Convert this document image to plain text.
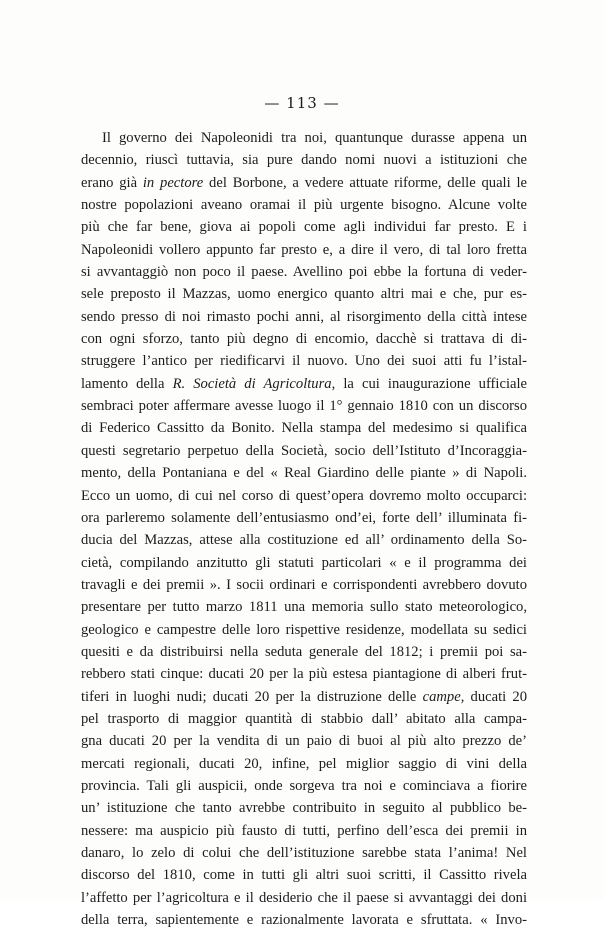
— 113 —
Il governo dei Napoleonidi tra noi, quantunque durasse appena un
decennio, riuscì tuttavia, sia pure dando nomi nuovi a istituzioni che
erano già in pectore del Borbone, a vedere attuate riforme, delle quali le
nostre popolazioni aveano oramai il più urgente bisogno. Alcune volte
più che far bene, giova ai popoli come agli individui far presto. E i
Napoleonidi vollero appunto far presto e, a dire il vero, di tal loro fretta
si avvantaggiò non poco il paese. Avellino poi ebbe la fortuna di veder-
sele preposto il Mazzas, uomo energico quanto altri mai e che, pur es-
sendo presso di noi rimasto pochi anni, al risorgimento della città intese
con ogni sforzo, tanto più degno di encomio, dacchè si trattava di di-
struggere l’antico per riedificarvi il nuovo. Uno dei suoi atti fu l’istal-
lamento della R. Società di Agricoltura, la cui inaugurazione ufficiale
sembraci poter affermare avesse luogo il 1° gennaio 1810 con un discorso
di Federico Cassitto da Bonito. Nella stampa del medesimo si qualifica
questi segretario perpetuo della Società, socio dell’Istituto d’Incoraggia-
mento, della Pontaniana e del « Real Giardino delle piante » di Napoli.
Ecco un uomo, di cui nel corso di quest’opera dovremo molto occuparci:
ora parleremo solamente dell’entusiasmo ond’ei, forte dell’ illuminata fi-
ducia del Mazzas, attese alla costituzione ed all’ ordinamento della So-
cietà, compilando anzitutto gli statuti particolari « e il programma dei
travagli e dei premii ». I socii ordinari e corrispondenti avrebbero dovuto
presentare per tutto marzo 1811 una memoria sullo stato meteorologico,
geologico e campestre delle loro rispettive residenze, modellata su sedici
quesiti e da distribuirsi nella seduta generale del 1812; i premii poi sa-
rebbero stati cinque: ducati 20 per la più estesa piantagione di alberi frut-
tiferi in luoghi nudi; ducati 20 per la distruzione delle campe, ducati 20
pel trasporto di maggior quantità di stabbio dall’ abitato alla campa-
gna ducati 20 per la vendita di un paio di buoi al più alto prezzo de’
mercati regionali, ducati 20, infine, pel miglior saggio di vini della
provincia. Tali gli auspicii, onde sorgeva tra noi e cominciava a fiorire
un’ istituzione che tanto avrebbe contribuito in seguito al pubblico be-
nessere: ma auspicio più fausto di tutti, perfino dell’esca dei premii in
danaro, lo zelo di colui che dell’istituzione sarebbe stata l’anima! Nel
discorso del 1810, come in tutti gli altri suoi scritti, il Cassitto rivela
l’affetto per l’agricoltura e il desiderio che il paese si avvantaggi dei doni
della terra, sapientemente e razionalmente lavorata e sfruttata. « Invo-
